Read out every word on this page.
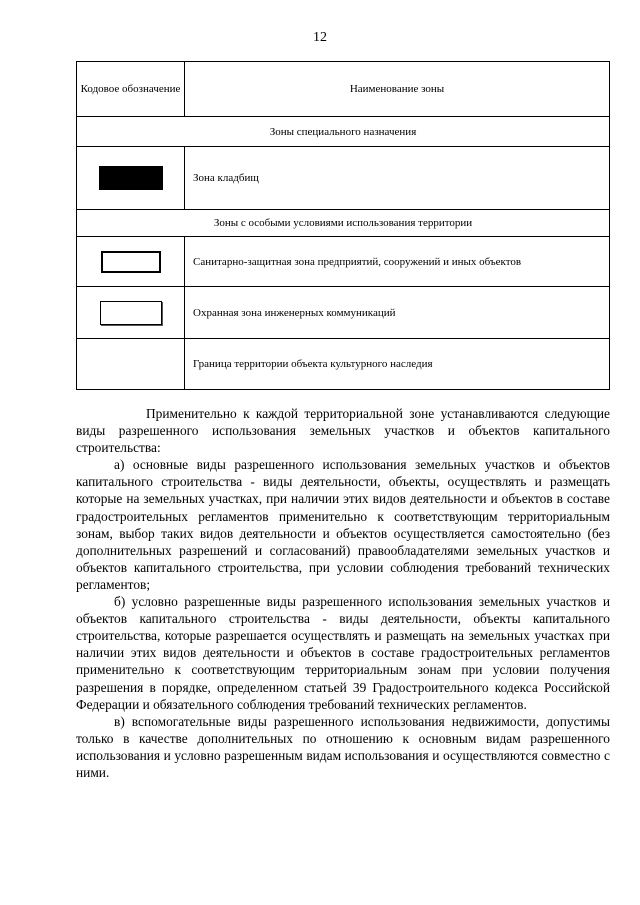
12
Кодовое обозначение	Наименование зоны
Зоны специального назначения	

	Зона кладбищ
Зоны с особыми условиями использования территории	

	Санитарно-защитная зона предприятий, сооружений и иных объектов

	Охранная зона инженерных коммуникаций
	Граница территории объекта культурного наследия

Применительно к каждой территориальной зоне устанавливаются следующие виды разрешенного использования земельных участков и объектов капитального строительства:

а) основные виды разрешенного использования земельных участков и объектов капитального строительства - виды деятельности, объекты, осуществлять и размещать которые на земельных участках, при наличии этих видов деятельности и объектов в составе градостроительных регламентов применительно к соответствующим территориальным зонам, выбор таких видов деятельности и объектов осуществляется самостоятельно (без дополнительных разрешений и согласований) правообладателями земельных участков и объектов капитального строительства, при условии соблюдения требований технических регламентов;

б) условно разрешенные виды разрешенного использования земельных участков и объектов капитального строительства - виды деятельности, объекты капитального строительства, которые разрешается осуществлять и размещать на земельных участках при наличии этих видов деятельности и объектов в составе градостроительных регламентов применительно к соответствующим территориальным зонам при условии получения разрешения в порядке, определенном статьей 39 Градостроительного кодекса Российской Федерации и обязательного соблюдения требований технических регламентов.

в) вспомогательные виды разрешенного использования недвижимости, допустимы только в качестве дополнительных по отношению к основным видам разрешенного использования и условно разрешенным видам использования и осуществляются совместно с ними.
